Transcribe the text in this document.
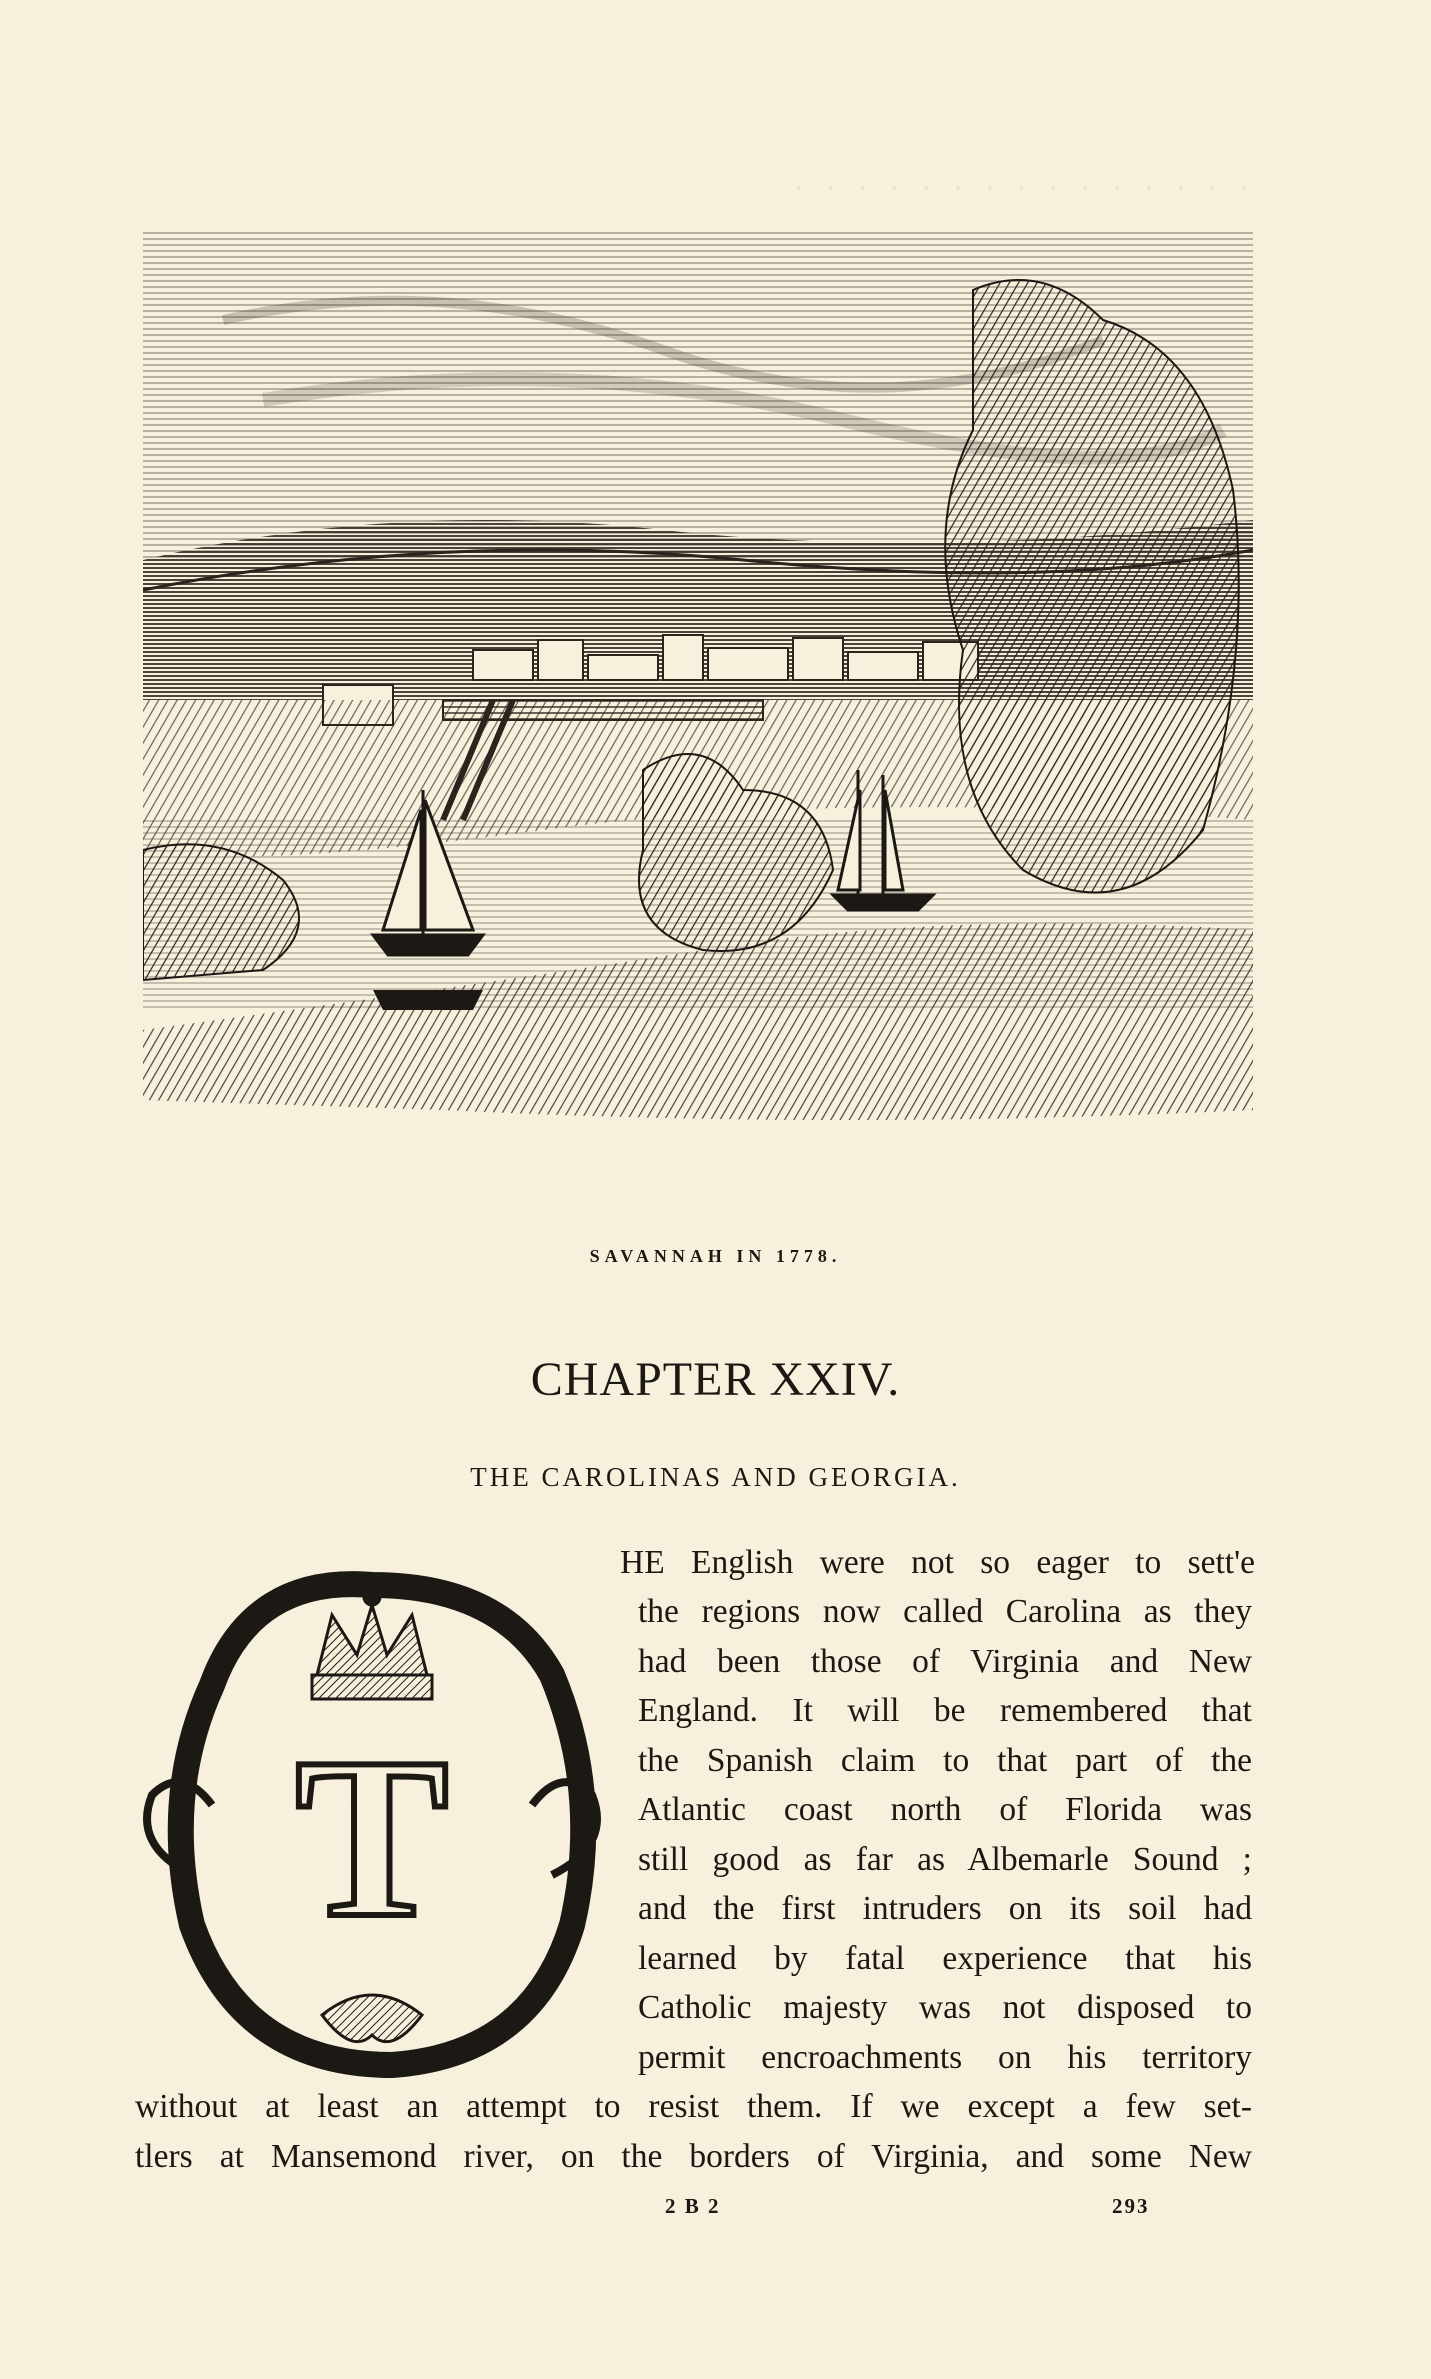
· · · · · · · · · · · · · · ·
SAVANNAH IN 1778.
CHAPTER XXIV.
THE CAROLINAS AND GEORGIA.
T
HE English were not so eager to sett'e
the regions now called Carolina as they
had been those of Virginia and New
England. It will be remembered that
the Spanish claim to that part of the
Atlantic coast north of Florida was
still good as far as Albemarle Sound ;
and the first intruders on its soil had
learned by fatal experience that his
Catholic majesty was not disposed to
permit encroachments on his territory
without at least an attempt to resist them. If we except a few set-
tlers at Mansemond river, on the borders of Virginia, and some New
2 B 2	293
